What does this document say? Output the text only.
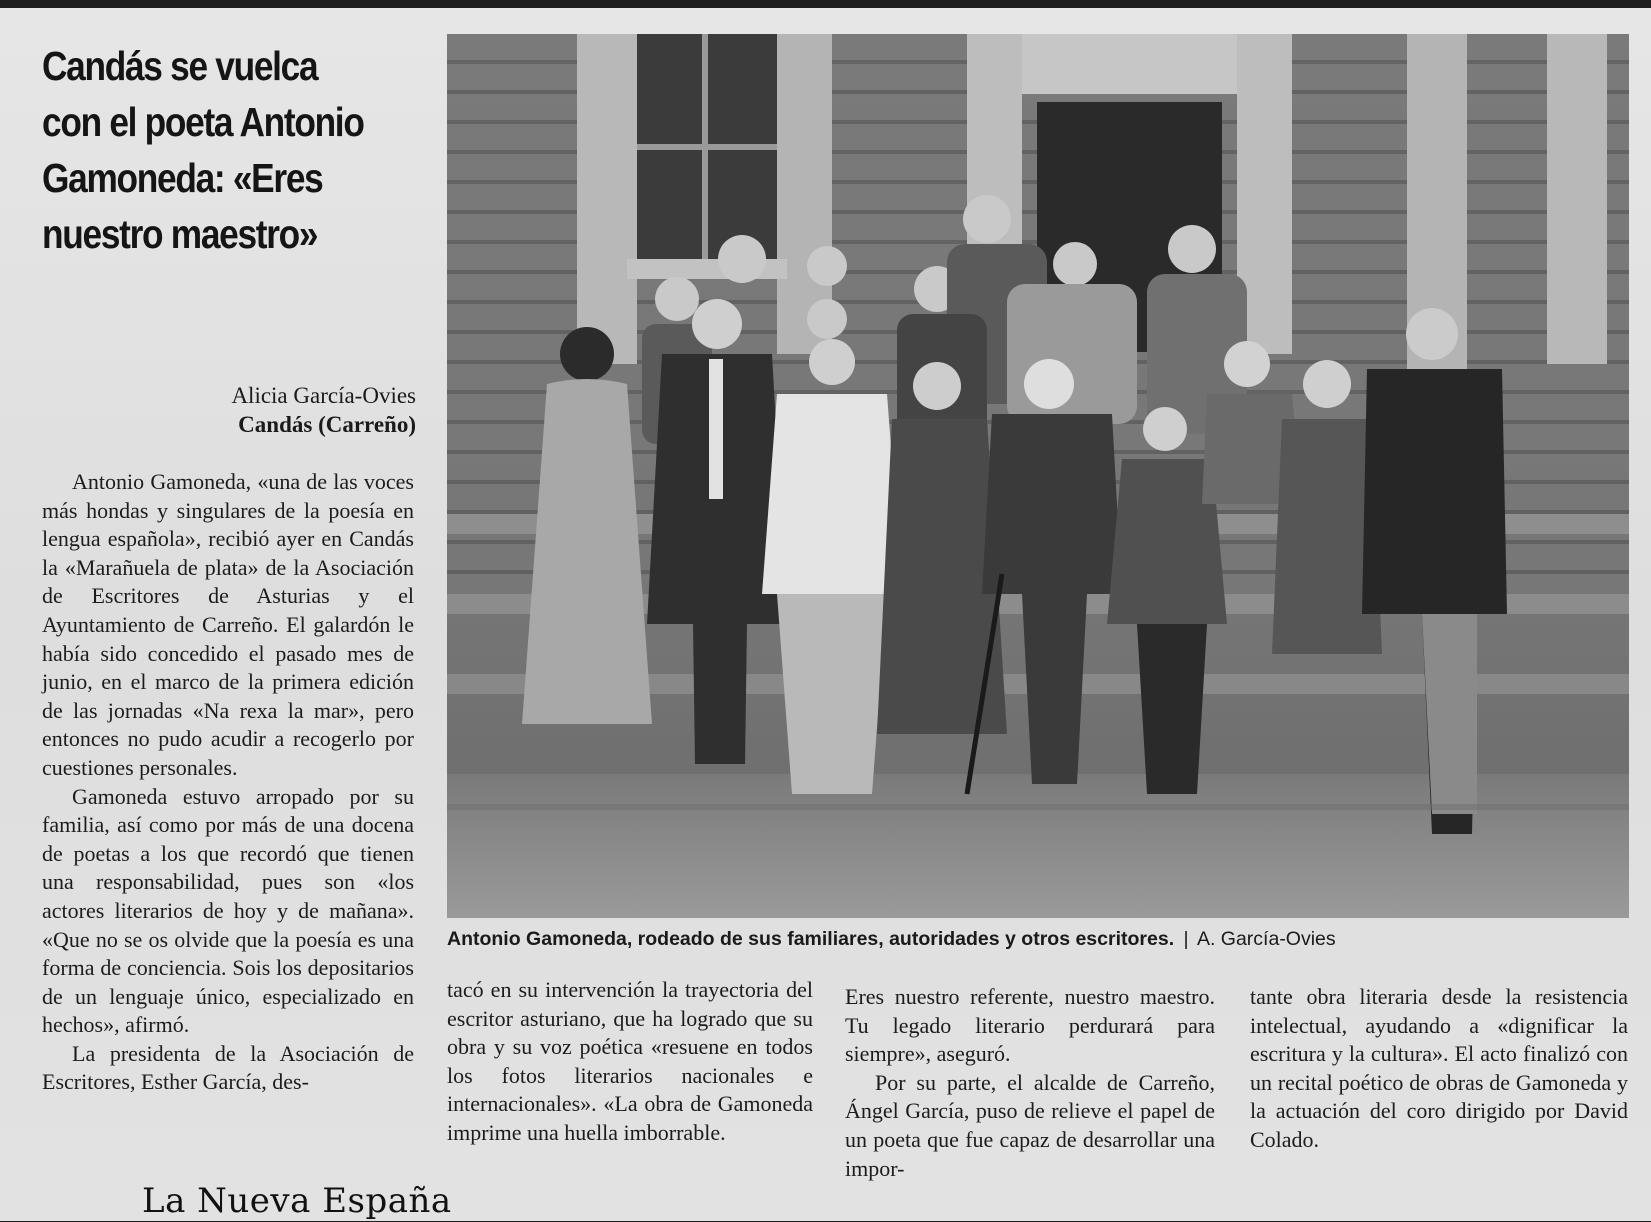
Candás se vuelca con el poeta Antonio Gamoneda: «Eres nuestro maestro»
Alicia García-Ovies
Candás (Carreño)

Antonio Gamoneda, «una de las voces más hondas y singulares de la poesía en lengua española», recibió ayer en Candás la «Marañuela de plata» de la Asociación de Escritores de Asturias y el Ayuntamiento de Carreño. El galardón le había sido concedido el pasado mes de junio, en el marco de la primera edición de las jornadas «Na rexa la mar», pero entonces no pudo acudir a recogerlo por cuestiones personales.

Gamoneda estuvo arropado por su familia, así como por más de una docena de poetas a los que recordó que tienen una responsabilidad, pues son «los actores literarios de hoy y de mañana». «Que no se os olvide que la poesía es una forma de conciencia. Sois los depositarios de un lenguaje único, especializado en hechos», afirmó.

La presidenta de la Asociación de Escritores, Esther García, des-

Antonio Gamoneda, rodeado de sus familiares, autoridades y otros escritores. | A. García-Ovies

tacó en su intervención la trayectoria del escritor asturiano, que ha logrado que su obra y su voz poética «resuene en todos los fotos literarios nacionales e internacionales». «La obra de Gamoneda imprime una huella imborrable.

Eres nuestro referente, nuestro maestro. Tu legado literario perdurará para siempre», aseguró.

Por su parte, el alcalde de Carreño, Ángel García, puso de relieve el papel de un poeta que fue capaz de desarrollar una impor-

tante obra literaria desde la resistencia intelectual, ayudando a «dignificar la escritura y la cultura». El acto finalizó con un recital poético de obras de Gamoneda y la actuación del coro dirigido por David Colado.

La Nueva España
